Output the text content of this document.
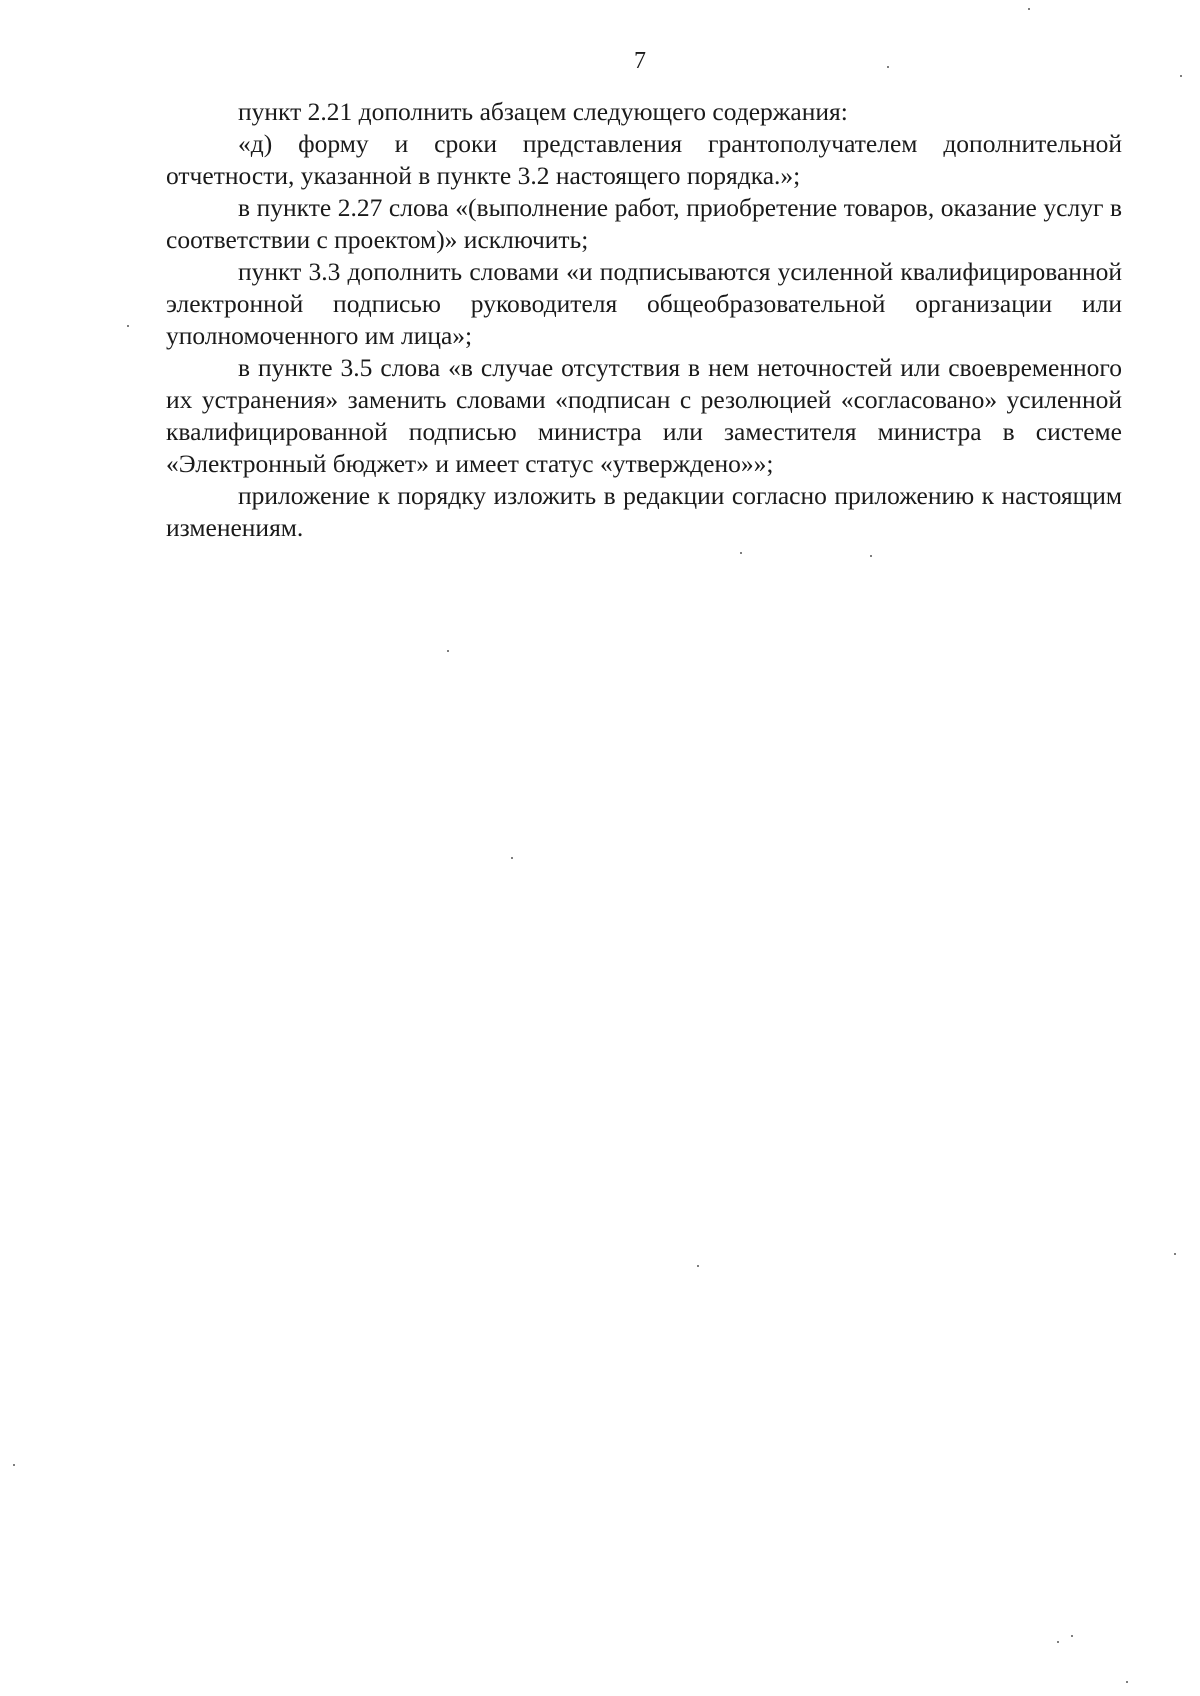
7

пункт 2.21 дополнить абзацем следующего содержания:

«д) форму и сроки представления грантополучателем дополнительной отчетности, указанной в пункте 3.2 настоящего порядка.»;

в пункте 2.27 слова «(выполнение работ, приобретение товаров, оказание услуг в соответствии с проектом)» исключить;

пункт 3.3 дополнить словами «и подписываются усиленной квалифицированной электронной подписью руководителя общеобразовательной организации или уполномоченного им лица»;

в пункте 3.5 слова «в случае отсутствия в нем неточностей или своевременного их устранения» заменить словами «подписан с резолюцией «согласовано» усиленной квалифицированной подписью министра или заместителя министра в системе «Электронный бюджет» и имеет статус «утверждено»»;

приложение к порядку изложить в редакции согласно приложению к настоящим изменениям.
